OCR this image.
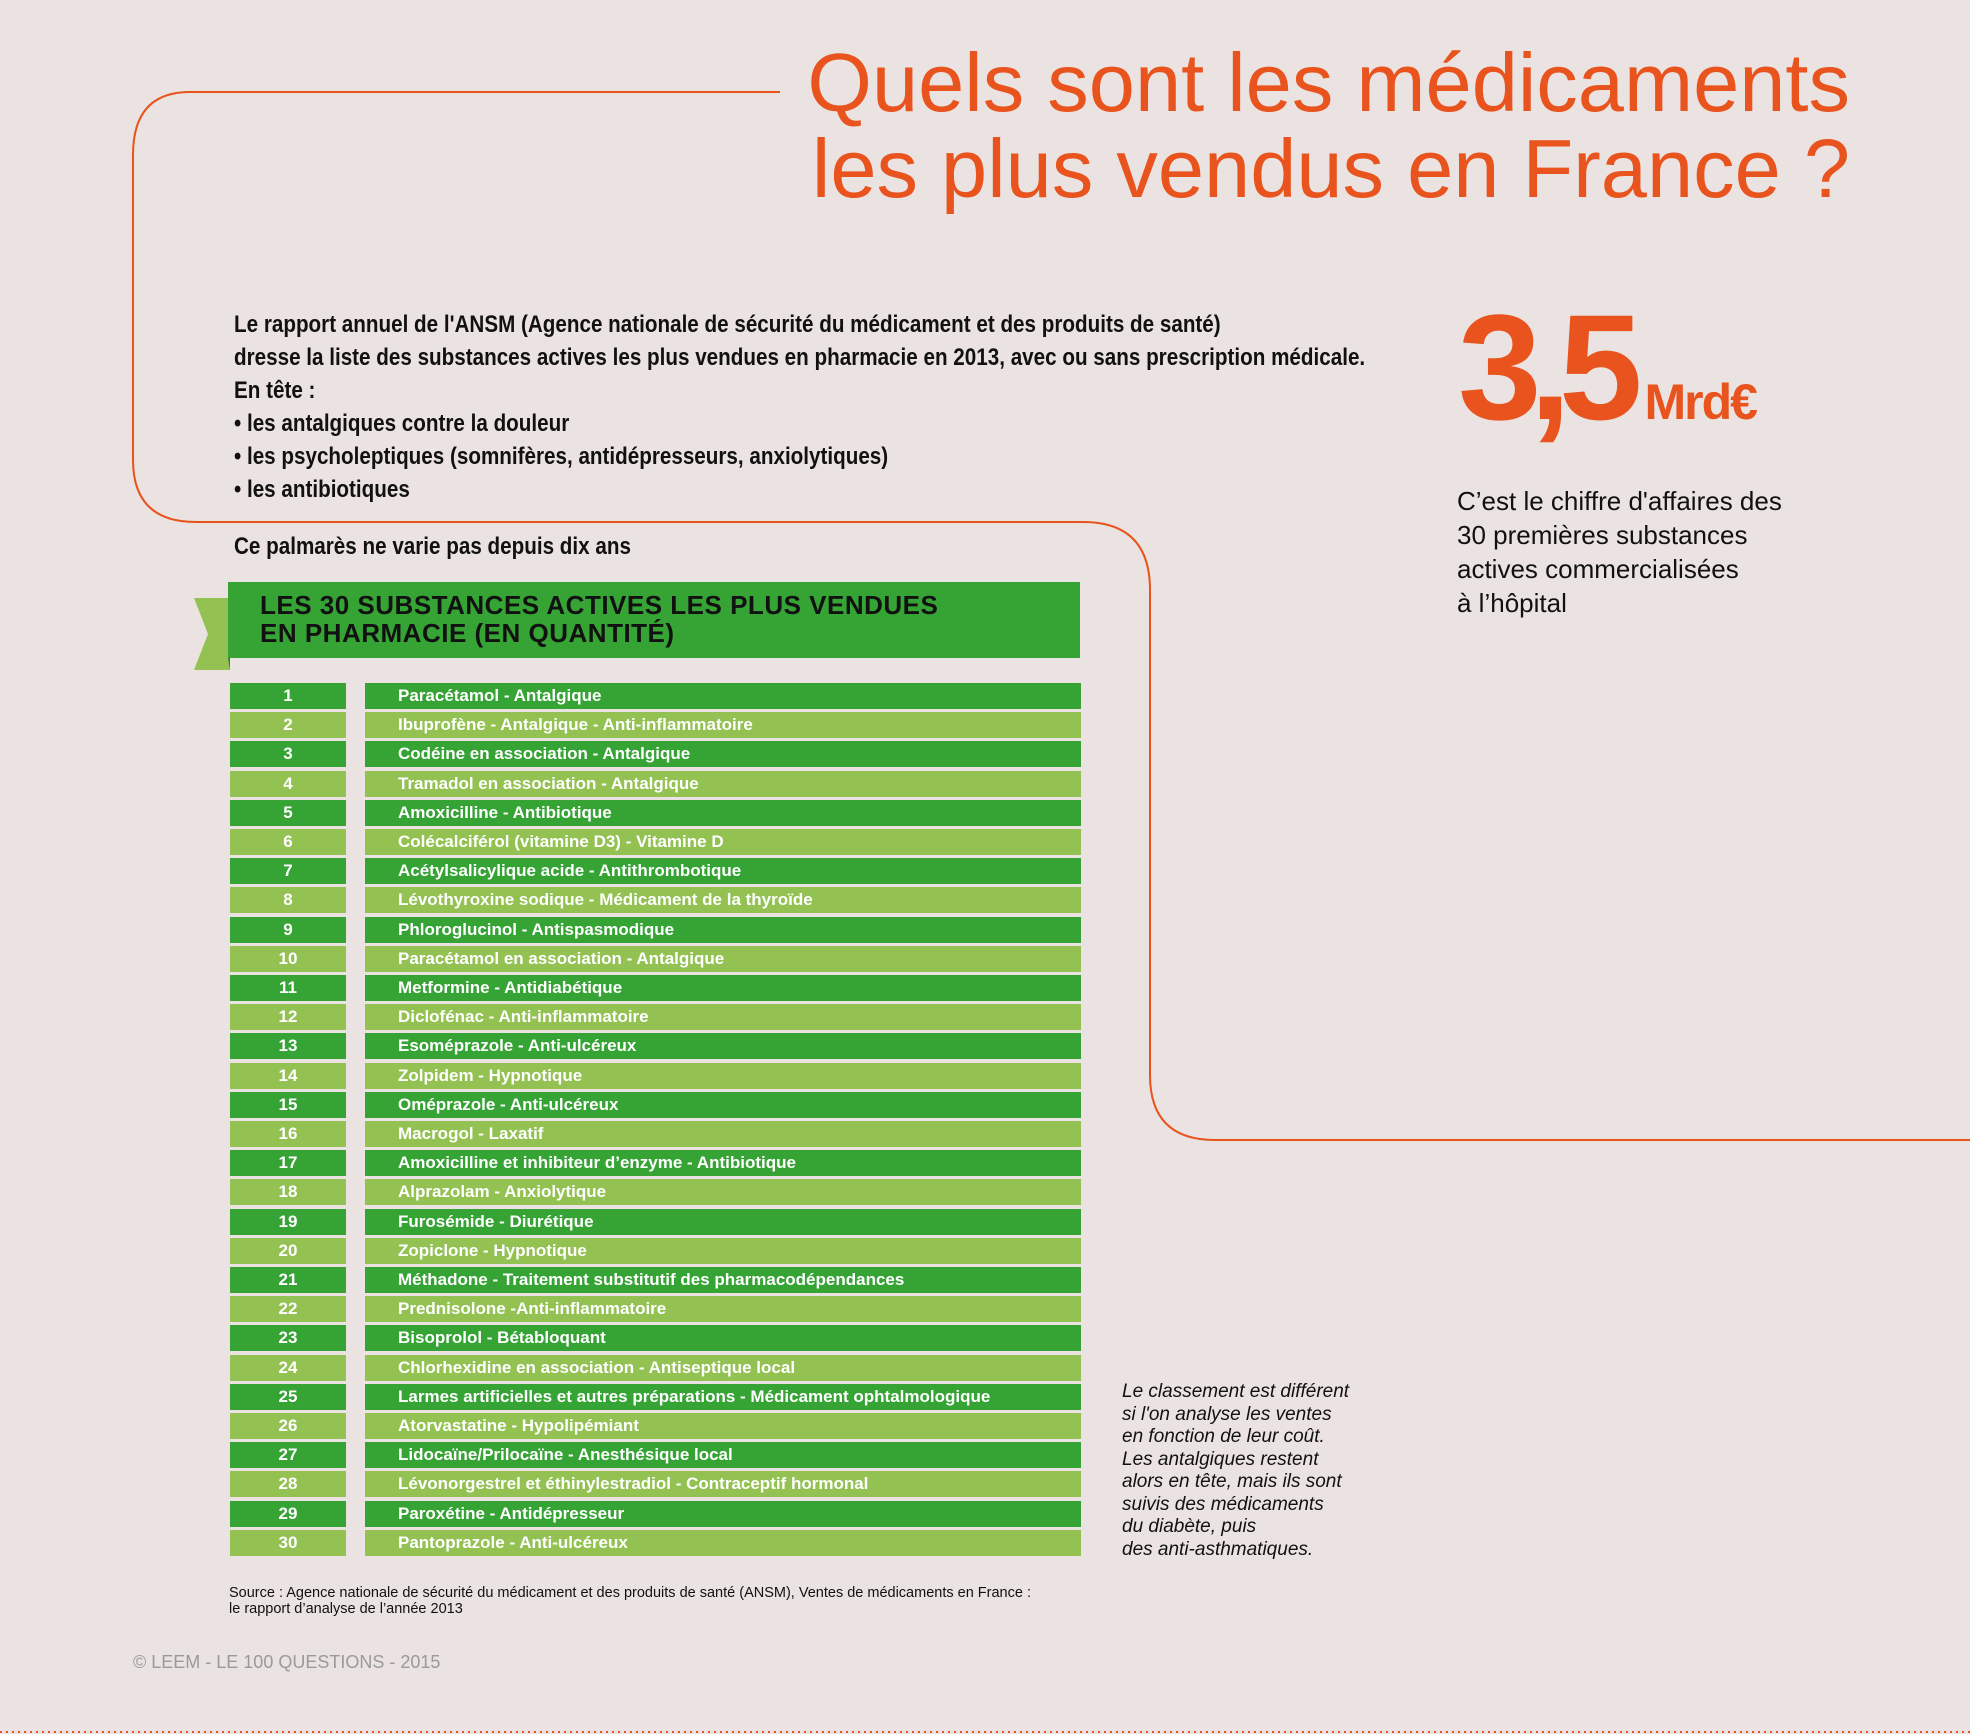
Quels sont les médicaments
les plus vendus en France ?
Le rapport annuel de l'ANSM (Agence nationale de sécurité du médicament et des produits de santé)
dresse la liste des substances actives les plus vendues en pharmacie en 2013, avec ou sans prescription médicale.
En tête :
• les antalgiques contre la douleur
• les psycholeptiques (somnifères, antidépresseurs, anxiolytiques)
• les antibiotiques
Ce palmarès ne varie pas depuis dix ans
3,5 Mrd€
C’est le chiffre d'affaires des
30 premières substances
actives commercialisées
à l’hôpital
LES 30 SUBSTANCES ACTIVES LES PLUS VENDUES
EN PHARMACIE (EN QUANTITÉ)
1	Paracétamol - Antalgique
2	Ibuprofène - Antalgique - Anti-inflammatoire
3	Codéine en association - Antalgique
4	Tramadol en association - Antalgique
5	Amoxicilline - Antibiotique
6	Colécalciférol (vitamine D3) - Vitamine D
7	Acétylsalicylique acide - Antithrombotique
8	Lévothyroxine sodique - Médicament de la thyroïde
9	Phloroglucinol - Antispasmodique
10	Paracétamol en association - Antalgique
11	Metformine - Antidiabétique
12	Diclofénac - Anti-inflammatoire
13	Esoméprazole - Anti-ulcéreux
14	Zolpidem - Hypnotique
15	Oméprazole - Anti-ulcéreux
16	Macrogol - Laxatif
17	Amoxicilline et inhibiteur d’enzyme - Antibiotique
18	Alprazolam - Anxiolytique
19	Furosémide - Diurétique
20	Zopiclone - Hypnotique
21	Méthadone - Traitement substitutif des pharmacodépendances
22	Prednisolone -Anti-inflammatoire
23	Bisoprolol - Bétabloquant
24	Chlorhexidine en association - Antiseptique local
25	Larmes artificielles et autres préparations - Médicament ophtalmologique
26	Atorvastatine - Hypolipémiant
27	Lidocaïne/Prilocaïne - Anesthésique local
28	Lévonorgestrel et éthinylestradiol - Contraceptif hormonal
29	Paroxétine - Antidépresseur
30	Pantoprazole - Anti-ulcéreux
Le classement est différent
si l'on analyse les ventes
en fonction de leur coût.
Les antalgiques restent
alors en tête, mais ils sont
suivis des médicaments
du diabète, puis
des anti-asthmatiques.
Source : Agence nationale de sécurité du médicament et des produits de santé (ANSM), Ventes de médicaments en France :
le rapport d’analyse de l’année 2013
© LEEM - LE 100 QUESTIONS - 2015
